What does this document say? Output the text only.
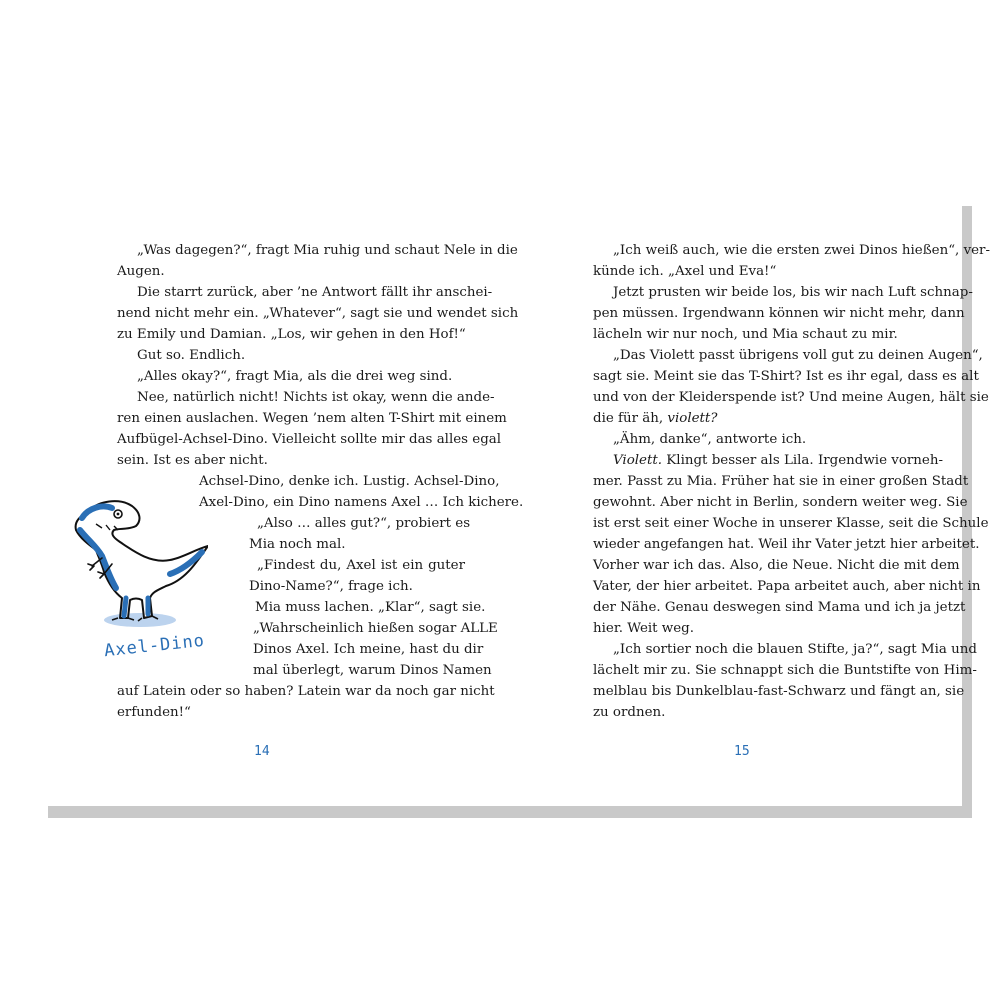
„Was dagegen?“, fragt Mia ruhig und schaut Nele in die
Augen.
Die starrt zurück, aber ’ne Antwort fällt ihr anschei-
nend nicht mehr ein. „Whatever“, sagt sie und wendet sich
zu Emily und Damian. „Los, wir gehen in den Hof!“
Gut so. Endlich.
„Alles okay?“, fragt Mia, als die drei weg sind.
Nee, natürlich nicht! Nichts ist okay, wenn die ande-
ren einen auslachen. Wegen ’nem alten T-Shirt mit einem
Aufbügel-Achsel-Dino. Vielleicht sollte mir das alles egal
sein. Ist es aber nicht.
Achsel-Dino, denke ich. Lustig. Achsel-Dino,
Axel-Dino, ein Dino namens Axel … Ich kichere.
„Also … alles gut?“, probiert es
Mia noch mal.
„Findest du, Axel ist ein guter
Dino-Name?“, frage ich.
Mia muss lachen. „Klar“, sagt sie.
„Wahrscheinlich hießen sogar ALLE
Dinos Axel. Ich meine, hast du dir
mal überlegt, warum Dinos Namen
auf Latein oder so haben? Latein war da noch gar nicht
erfunden!“
Axel-Dino
14
„Ich weiß auch, wie die ersten zwei Dinos hießen“, ver-
künde ich. „Axel und Eva!“
Jetzt prusten wir beide los, bis wir nach Luft schnap-
pen müssen. Irgendwann können wir nicht mehr, dann
lächeln wir nur noch, und Mia schaut zu mir.
„Das Violett passt übrigens voll gut zu deinen Augen“,
sagt sie. Meint sie das T-Shirt? Ist es ihr egal, dass es alt
und von der Kleiderspende ist? Und meine Augen, hält sie
die für äh, violett?
„Ähm, danke“, antworte ich.
Violett. Klingt besser als Lila. Irgendwie vorneh-
mer. Passt zu Mia. Früher hat sie in einer großen Stadt
gewohnt. Aber nicht in Berlin, sondern weiter weg. Sie
ist erst seit einer Woche in unserer Klasse, seit die Schule
wieder angefangen hat. Weil ihr Vater jetzt hier arbeitet.
Vorher war ich das. Also, die Neue. Nicht die mit dem
Vater, der hier arbeitet. Papa arbeitet auch, aber nicht in
der Nähe. Genau deswegen sind Mama und ich ja jetzt
hier. Weit weg.
„Ich sortier noch die blauen Stifte, ja?“, sagt Mia und
lächelt mir zu. Sie schnappt sich die Buntstifte von Him-
melblau bis Dunkelblau-fast-Schwarz und fängt an, sie
zu ordnen.
15
